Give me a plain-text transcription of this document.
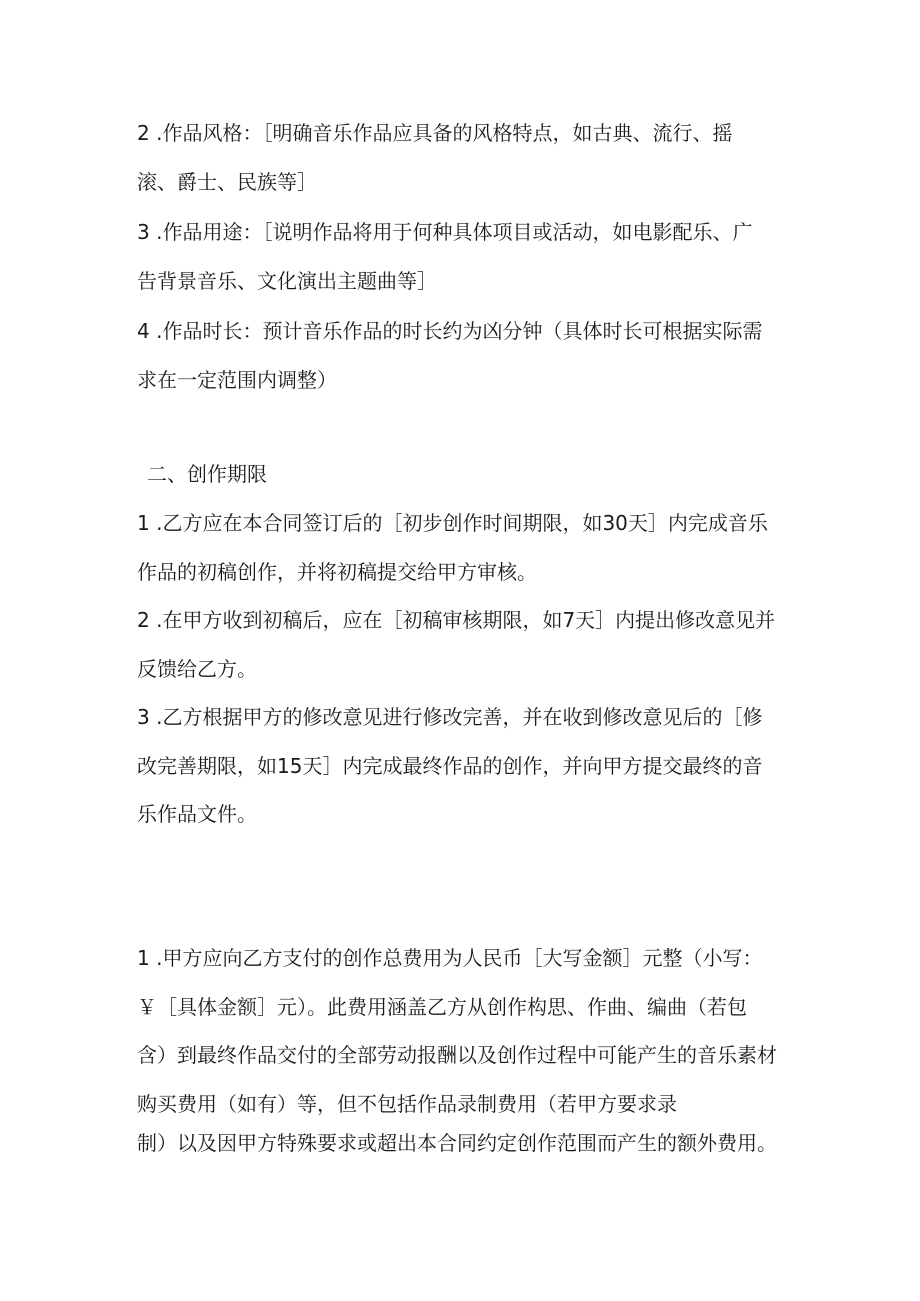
2 .作品风格：［明确音乐作品应具备的风格特点，如古典、流行、摇

滚、爵士、民族等］

3 .作品用途：［说明作品将用于何种具体项目或活动，如电影配乐、广

告背景音乐、文化演出主题曲等］

4 .作品时长：预计音乐作品的时长约为凶分钟（具体时长可根据实际需

求在一定范围内调整）

二、创作期限

1 .乙方应在本合同签订后的［初步创作时间期限，如30天］内完成音乐

作品的初稿创作，并将初稿提交给甲方审核。

2 .在甲方收到初稿后，应在［初稿审核期限，如7天］内提出修改意见并

反馈给乙方。

3 .乙方根据甲方的修改意见进行修改完善，并在收到修改意见后的［修

改完善期限，如15天］内完成最终作品的创作，并向甲方提交最终的音

乐作品文件。

1 .甲方应向乙方支付的创作总费用为人民币［大写金额］元整（小写：

￥［具体金额］元）。此费用涵盖乙方从创作构思、作曲、编曲（若包

含）到最终作品交付的全部劳动报酬以及创作过程中可能产生的音乐素材

购买费用（如有）等，但不包括作品录制费用（若甲方要求录

制）以及因甲方特殊要求或超出本合同约定创作范围而产生的额外费用。
